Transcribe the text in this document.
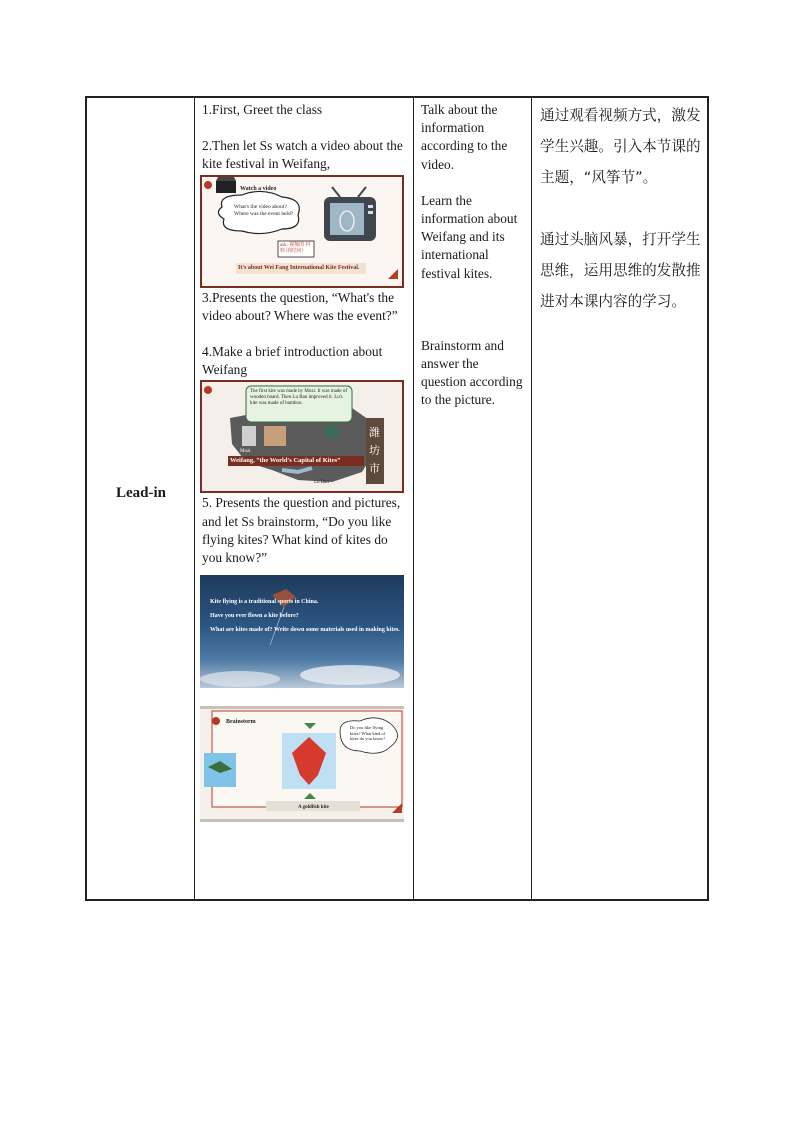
Lead-in

1.First, Greet the class

2.Then let Ss watch a video about the kite festival in Weifang,

Watch a video
What's the video about? Where was the event held?
ask: 视频的 材料 的时间?
It's about Wei Fang International Kite Festival.

3.Presents the question, “What's the video about? Where was the event?”

4.Make a brief introduction about Weifang

The first kite was made by Mozi. It was made of wooden board. Then Lu Ban improved it. Lu's kite was made of bamboo.
Mozi
Weifang, “the World's Capital of Kites”
Lu Ban
潍坊市

5. Presents the question and pictures, and let Ss brainstorm, “Do you like flying kites? What kind of kites do you know?”

Kite flying is a traditional sports in China.
Have you ever flown a kite before?
What are kites made of? Write down some materials used in making kites.
Brainstorm
Do you like flying kites? What kind of kites do you know?
A goldfish kite

Talk about the information according to the video.

Learn the information about Weifang and its international festival kites.

Brainstorm and answer the question according to the picture.

通过观看视频方式，激发学生兴趣。引入本节课的主题，“风筝节”。

通过头脑风暴，打开学生思维，运用思维的发散推进对本课内容的学习。
